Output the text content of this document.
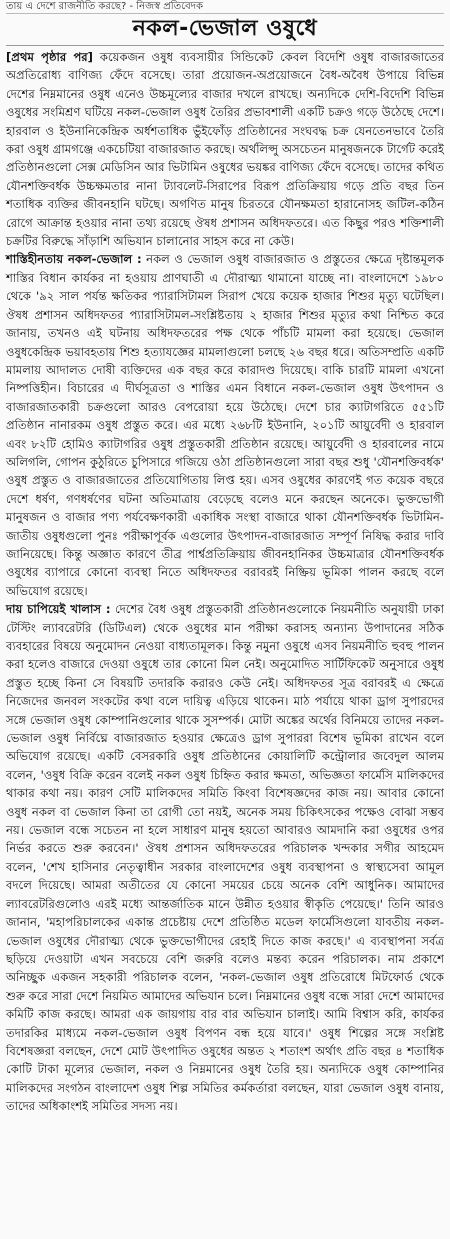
তায় এ দেশে রাজনীতি করছে? - নিজস্ব প্রতিবেদক
নকল-ভেজাল ওষুধে

[প্রথম পৃষ্ঠার পর] কয়েকজন ওষুধ ব্যবসায়ীর সিন্ডিকেট কেবল বিদেশি ওষুধ বাজারজাতের অপ্রতিরোধ্য বাণিজ্য ফেঁদে বসেছে। তারা প্রয়োজন-অপ্রয়োজনে বৈধ-অবৈধ উপায়ে বিভিন্ন দেশের নিম্নমানের ওষুধ এনেও উচ্চমূল্যের বাজার দখলে রাখছে। অন্যদিকে দেশি-বিদেশি বিভিন্ন ওষুধের সংমিশ্রণ ঘটিয়ে নকল-ভেজাল ওষুধ তৈরির প্রভাবশালী একটি চক্রও গড়ে উঠেছে দেশে। হারবাল ও ইউনানিকেন্দ্রিক অর্ধশতাধিক ভুঁইফোঁড় প্রতিষ্ঠানের সংঘবদ্ধ চক্র যেনতেনভাবে তৈরি করা ওষুধ গ্রামগঞ্জে একচেটিয়া বাজারজাত করছে। অর্থলিপ্সু অসচেতন মানুষজনকে টার্গেট করেই প্রতিষ্ঠানগুলো সেক্স মেডিসিন আর ভিটামিন ওষুধের ভয়ঙ্কর বাণিজ্য ফেঁদে বসেছে। তাদের কথিত যৌনশক্তিবর্ধক উচ্চক্ষমতার নানা ট্যাবলেট-সিরাপের বিরূপ প্রতিক্রিয়ায় গড়ে প্রতি বছর তিন শতাধিক ব্যক্তির জীবনহানি ঘটছে। অগণিত মানুষ চিরতরে যৌনক্ষমতা হারানোসহ জটিল-কঠিন রোগে আক্রান্ত হওয়ার নানা তথ্য রয়েছে ঔষধ প্রশাসন অধিদফতরে। এত কিছুর পরও শক্তিশালী চক্রটির বিরুদ্ধে সাঁড়াশি অভিযান চালানোর সাহস করে না কেউ।

শাস্তিহীনতায় নকল-ভেজাল : নকল ও ভেজাল ওষুধ বাজারজাত ও প্রস্তুতের ক্ষেত্রে দৃষ্টান্তমূলক শাস্তির বিধান কার্যকর না হওয়ায় প্রাণঘাতী এ দৌরাত্ম্য থামানো যাচ্ছে না। বাংলাদেশে ১৯৮০ থেকে '৯২ সাল পর্যন্ত ক্ষতিকর প্যারাসিটামল সিরাপ খেয়ে কয়েক হাজার শিশুর মৃত্যু ঘটেছিল। ঔষধ প্রশাসন অধিদফতর প্যারাসিটামল-সংশ্লিষ্টতায় ২ হাজার শিশুর মৃত্যুর কথা নিশ্চিত করে জানায়, তখনও এই ঘটনায় অধিদফতরের পক্ষ থেকে পাঁচটি মামলা করা হয়েছে। ভেজাল ওষুধকেন্দ্রিক ভয়াবহতায় শিশু হত্যাযজ্ঞের মামলাগুলো চলছে ২৬ বছর ধরে। অতিসম্প্রতি একটি মামলায় আদালত দোষী ব্যক্তিদের এক বছর করে কারাদণ্ড দিয়েছে। বাকি চারটি মামলা এখনো নিষ্পত্তিহীন। বিচারের এ দীর্ঘসূত্রতা ও শাস্তির এমন বিধানে নকল-ভেজাল ওষুধ উৎপাদন ও বাজারজাতকারী চক্রগুলো আরও বেপরোয়া হয়ে উঠেছে। দেশে চার ক্যাটাগরিতে ৫৫১টি প্রতিষ্ঠান নানারকম ওষুধ প্রস্তুত করে। এর মধ্যে ২৬৮টি ইউনানি, ২০১টি আয়ুর্বেদী ও হারবাল এবং ৮২টি হোমিও ক্যাটাগরির ওষুধ প্রস্তুতকারী প্রতিষ্ঠান রয়েছে। আয়ুর্বেদী ও হারবালের নামে অলিগলি, গোপন কুঠুরিতে চুপিসারে গজিয়ে ওঠা প্রতিষ্ঠানগুলো সারা বছর শুধু 'যৌনশক্তিবর্ধক' ওষুধ প্রস্তুত ও বাজারজাতের প্রতিযোগিতায় লিপ্ত হয়। এসব ওষুধের কারণেই গত কয়েক বছরে দেশে ধর্ষণ, গণধর্ষণের ঘটনা অতিমাত্রায় বেড়েছে বলেও মনে করছেন অনেকে। ভুক্তভোগী মানুষজন ও বাজার পণ্য পর্যবেক্ষণকারী একাধিক সংস্থা বাজারে থাকা যৌনশক্তিবর্ধক ভিটামিন-জাতীয় ওষুধগুলো পুনঃ পরীক্ষাপূর্বক এগুলোর উৎপাদন-বাজারজাত সম্পূর্ণ নিষিদ্ধ করার দাবি জানিয়েছে। কিন্তু অজ্ঞাত কারণে তীব্র পার্শ্বপ্রতিক্রিয়ায় জীবনহানিকর উচ্চমাত্রার যৌনশক্তিবর্ধক ওষুধের ব্যাপারে কোনো ব্যবস্থা নিতে অধিদফতর বরাবরই নিষ্ক্রিয় ভূমিকা পালন করছে বলে অভিযোগ রয়েছে।

দায় চাপিয়েই খালাস : দেশের বৈধ ওষুধ প্রস্তুতকারী প্রতিষ্ঠানগুলোকে নিয়মনীতি অনুযায়ী ঢাকা টেস্টিং ল্যাবরেটরি (ডিটিএল) থেকে ওষুধের মান পরীক্ষা করাসহ অন্যান্য উপাদানের সঠিক ব্যবহারের বিষয়ে অনুমোদন নেওয়া বাধ্যতামূলক। কিন্তু নমুনা ওষুধে এসব নিয়মনীতি হুবহু পালন করা হলেও বাজারে দেওয়া ওষুধে তার কোনো মিল নেই। অনুমোদিত সার্টিফিকেট অনুসারে ওষুধ প্রস্তুত হচ্ছে কিনা সে বিষয়টি তদারকি করারও কেউ নেই। অধিদফতর সূত্র বরাবরই এ ক্ষেত্রে নিজেদের জনবল সংকটের কথা বলে দায়িত্ব এড়িয়ে থাকেন। মাঠ পর্যায়ে থাকা ড্রাগ সুপারদের সঙ্গে ভেজাল ওষুধ কোম্পানিগুলোর থাকে সুসম্পর্ক। মোটা অঙ্কের অর্থের বিনিময়ে তাদের নকল-ভেজাল ওষুধ নির্বিঘ্নে বাজারজাত হওয়ার ক্ষেত্রেও ড্রাগ সুপাররা বিশেষ ভূমিকা রাখেন বলে অভিযোগ রয়েছে। একটি বেসরকারি ওষুধ প্রতিষ্ঠানের কোয়ালিটি কন্ট্রোলার জবেদুল আলম বলেন, 'ওষুধ বিক্রি করেন বলেই নকল ওষুধ চিহ্নিত করার ক্ষমতা, অভিজ্ঞতা ফার্মেসি মালিকদের থাকার কথা নয়। কারণ সেটি মালিকদের সমিতি কিংবা বিশেষজ্ঞদের কাজ নয়। আবার কোনো ওষুধ নকল বা ভেজাল কিনা তা রোগী তো নয়ই, অনেক সময় চিকিৎসকের পক্ষেও বোঝা সম্ভব নয়। ভেজাল বন্ধে সচেতন না হলে সাধারণ মানুষ হয়তো আবারও আমদানি করা ওষুধের ওপর নির্ভর করতে শুরু করবেন।' ঔষধ প্রশাসন অধিদফতরের পরিচালক খন্দকার সগীর আহমেদ বলেন, 'শেখ হাসিনার নেতৃত্বাধীন সরকার বাংলাদেশের ওষুধ ব্যবস্থাপনা ও স্বাস্থ্যসেবা আমূল বদলে দিয়েছে। আমরা অতীতের যে কোনো সময়ের চেয়ে অনেক বেশি আধুনিক। আমাদের ল্যাবরেটরিগুলোও এরই মধ্যে আন্তর্জাতিক মানে উন্নীত হওয়ার স্বীকৃতি পেয়েছে।' তিনি আরও জানান, 'মহাপরিচালকের একান্ত প্রচেষ্টায় দেশে প্রতিষ্ঠিত মডেল ফার্মেসিগুলো যাবতীয় নকল-ভেজাল ওষুধের দৌরাত্ম্য থেকে ভুক্তভোগীদের রেহাই দিতে কাজ করছে।' এ ব্যবস্থাপনা সর্বত্র ছড়িয়ে দেওয়াটা এখন সবচেয়ে বেশি জরুরি বলেও মন্তব্য করেন পরিচালক। নাম প্রকাশে অনিচ্ছুক একজন সহকারী পরিচালক বলেন, 'নকল-ভেজাল ওষুধ প্রতিরোধে মিটফোর্ড থেকে শুরু করে সারা দেশে নিয়মিত আমাদের অভিযান চলে। নিম্নমানের ওষুধ বন্ধে সারা দেশে আমাদের কমিটি কাজ করছে। আমরা এক জায়গায় বার বার অভিযান চালাই। আমি বিশ্বাস করি, কার্যকর তদারকির মাধ্যমে নকল-ভেজাল ওষুধ বিপণন বন্ধ হয়ে যাবে।' ওষুধ শিল্পের সঙ্গে সংশ্লিষ্ট বিশেষজ্ঞরা বলছেন, দেশে মোট উৎপাদিত ওষুধের অন্তত ২ শতাংশ অর্থাৎ প্রতি বছর ৪ শতাধিক কোটি টাকা মূল্যের ভেজাল, নকল ও নিম্নমানের ওষুধ তৈরি হয়। অন্যদিকে ওষুধ কোম্পানির মালিকদের সংগঠন বাংলাদেশ ওষুধ শিল্প সমিতির কর্মকর্তারা বলছেন, যারা ভেজাল ওষুধ বানায়, তাদের অধিকাংশই সমিতির সদস্য নয়।
